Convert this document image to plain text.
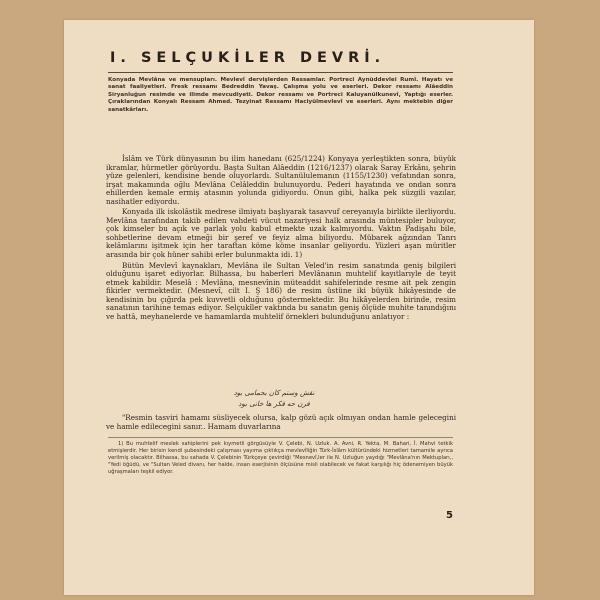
I. SELÇUKİLER DEVRİ.
Konyada Mevlâna ve mensupları. Mevlevî dervişlerden Ressamlar. Portreci Aynüddevlei Rumî. Hayatı ve sanat faaliyetleri. Fresk ressamı Bedreddin Yavaş. Çalışma yolu ve eserleri. Dekor ressamı Alâeddin Siryanîuğun resimde ve ilimde mevcudiyeti. Dekor ressamı ve Portreci Kaluyanülkunevî, Yaptığı eserler. Çıraklarından Konyalı Ressam Ahmed. Tezyinat Ressamı Haciyülmevlevî ve eserleri. Aynı mektebin diğer sanatkârları.

İslâm ve Türk dünyasının bu ilim hanedanı (625/1224) Konyaya yerleştikten sonra, büyük ikramlar, hürmetler görüyordu. Başta Sultan Alâeddin (1216/1237) olarak Saray Erkânı, şehrin yüze gelenleri, kendisine bende oluyorlardı. Sultanülulemanın (1155/1230) vefatından sonra, irşat makamında oğlu Mevlâna Celâleddin bulunuyordu. Pederi hayatında ve ondan sonra ehillerden kemale ermiş atasının yolunda gidiyordu. Onun gibi, halka pek süzgili vazılar, nasihatler ediyordu.

Konyada ilk iskolâstik medrese ilmiyatı başlıyarak tasavvuf cereyanıyla birlikte ilerliyordu. Mevlâna tarafından takib edilen vahdeti vücut nazariyesi halk arasında müntesipler buluyor, çok kimseler bu açık ve parlak yolu kabul etmekte uzak kalmıyordu. Vaktın Padişahı bile, sohbetlerine devam etmeği bir şeref ve feyiz alma biliyordu. Mübarek ağzından Tanrı kelâmlarını işitmek için her taraftan köme köme insanlar geliyordu. Yüzleri aşan müritler arasında bir çok hüner sahibi erler bulunmakta idi. 1)

Bütün Mevlevî kaynakları, Mevlâna ile Sultan Veled'in resim sanatında geniş bilgileri olduğunu işaret ediyorlar. Bilhassa, bu haberleri Mevlânanın muhtelif kayıtlarıyle de teyit etmek kabildir. Meselâ : Mevlâna, mesnevînin müteaddit sahifelerinde resme ait pek zengin fikirler vermektedir. (Mesnevî, cilt I. Ş 186) de resim üstüne iki büyük hikâyesinde de kendisinin bu çığırda pek kuvvetli olduğunu göstermektedir. Bu hikâyelerden birinde, resim sanatının tarihine temas ediyor. Selçukîler vaktında bu sanatın geniş ölçüde muhite tanındığını ve hattâ, meyhanelerde ve hamamlarda muhtelif örnekleri bulunduğunu anlatıyor :

نقش وستم كان بحمامى بود
فرن حه فكر ها خانى بود

"Resmin tasviri hamamı süsliyecek olursa, kalp gözü açık olmıyan ondan hamle gelecegini ve hamle edilecegini sanır.. Hamam duvarlarına

1) Bu muhtelif meslek sahiplerini pek kıymetli görgüsüyle V. Çelebi, N. Uzluk. A. Avni, R. Yekta, M. Bahari, İ. Mahvi tetkik etmişlerdir. Her birisin kendi şubesindeki çalışması yayıma çıktıkça mevlevîliğin Türk-İslâm kültüründeki hizmetleri tamamile ayrıca verilmiş olacaktır. Bilhassa, bu sahada V. Çelebinin Türkçeye çevirdiği "Mesnevî,ler ile N. Uzluğun yaydığı "Mevlâna'nın Mektupları,, "Yedi öğüdü, ve "Sultan Veled divanı, her halde, insan eserjisinin ölçüsüne misli olabilecek ve fakat karşılığı hiç ödenemiyen büyük uğraşmaları teşkil ediyor.

5
